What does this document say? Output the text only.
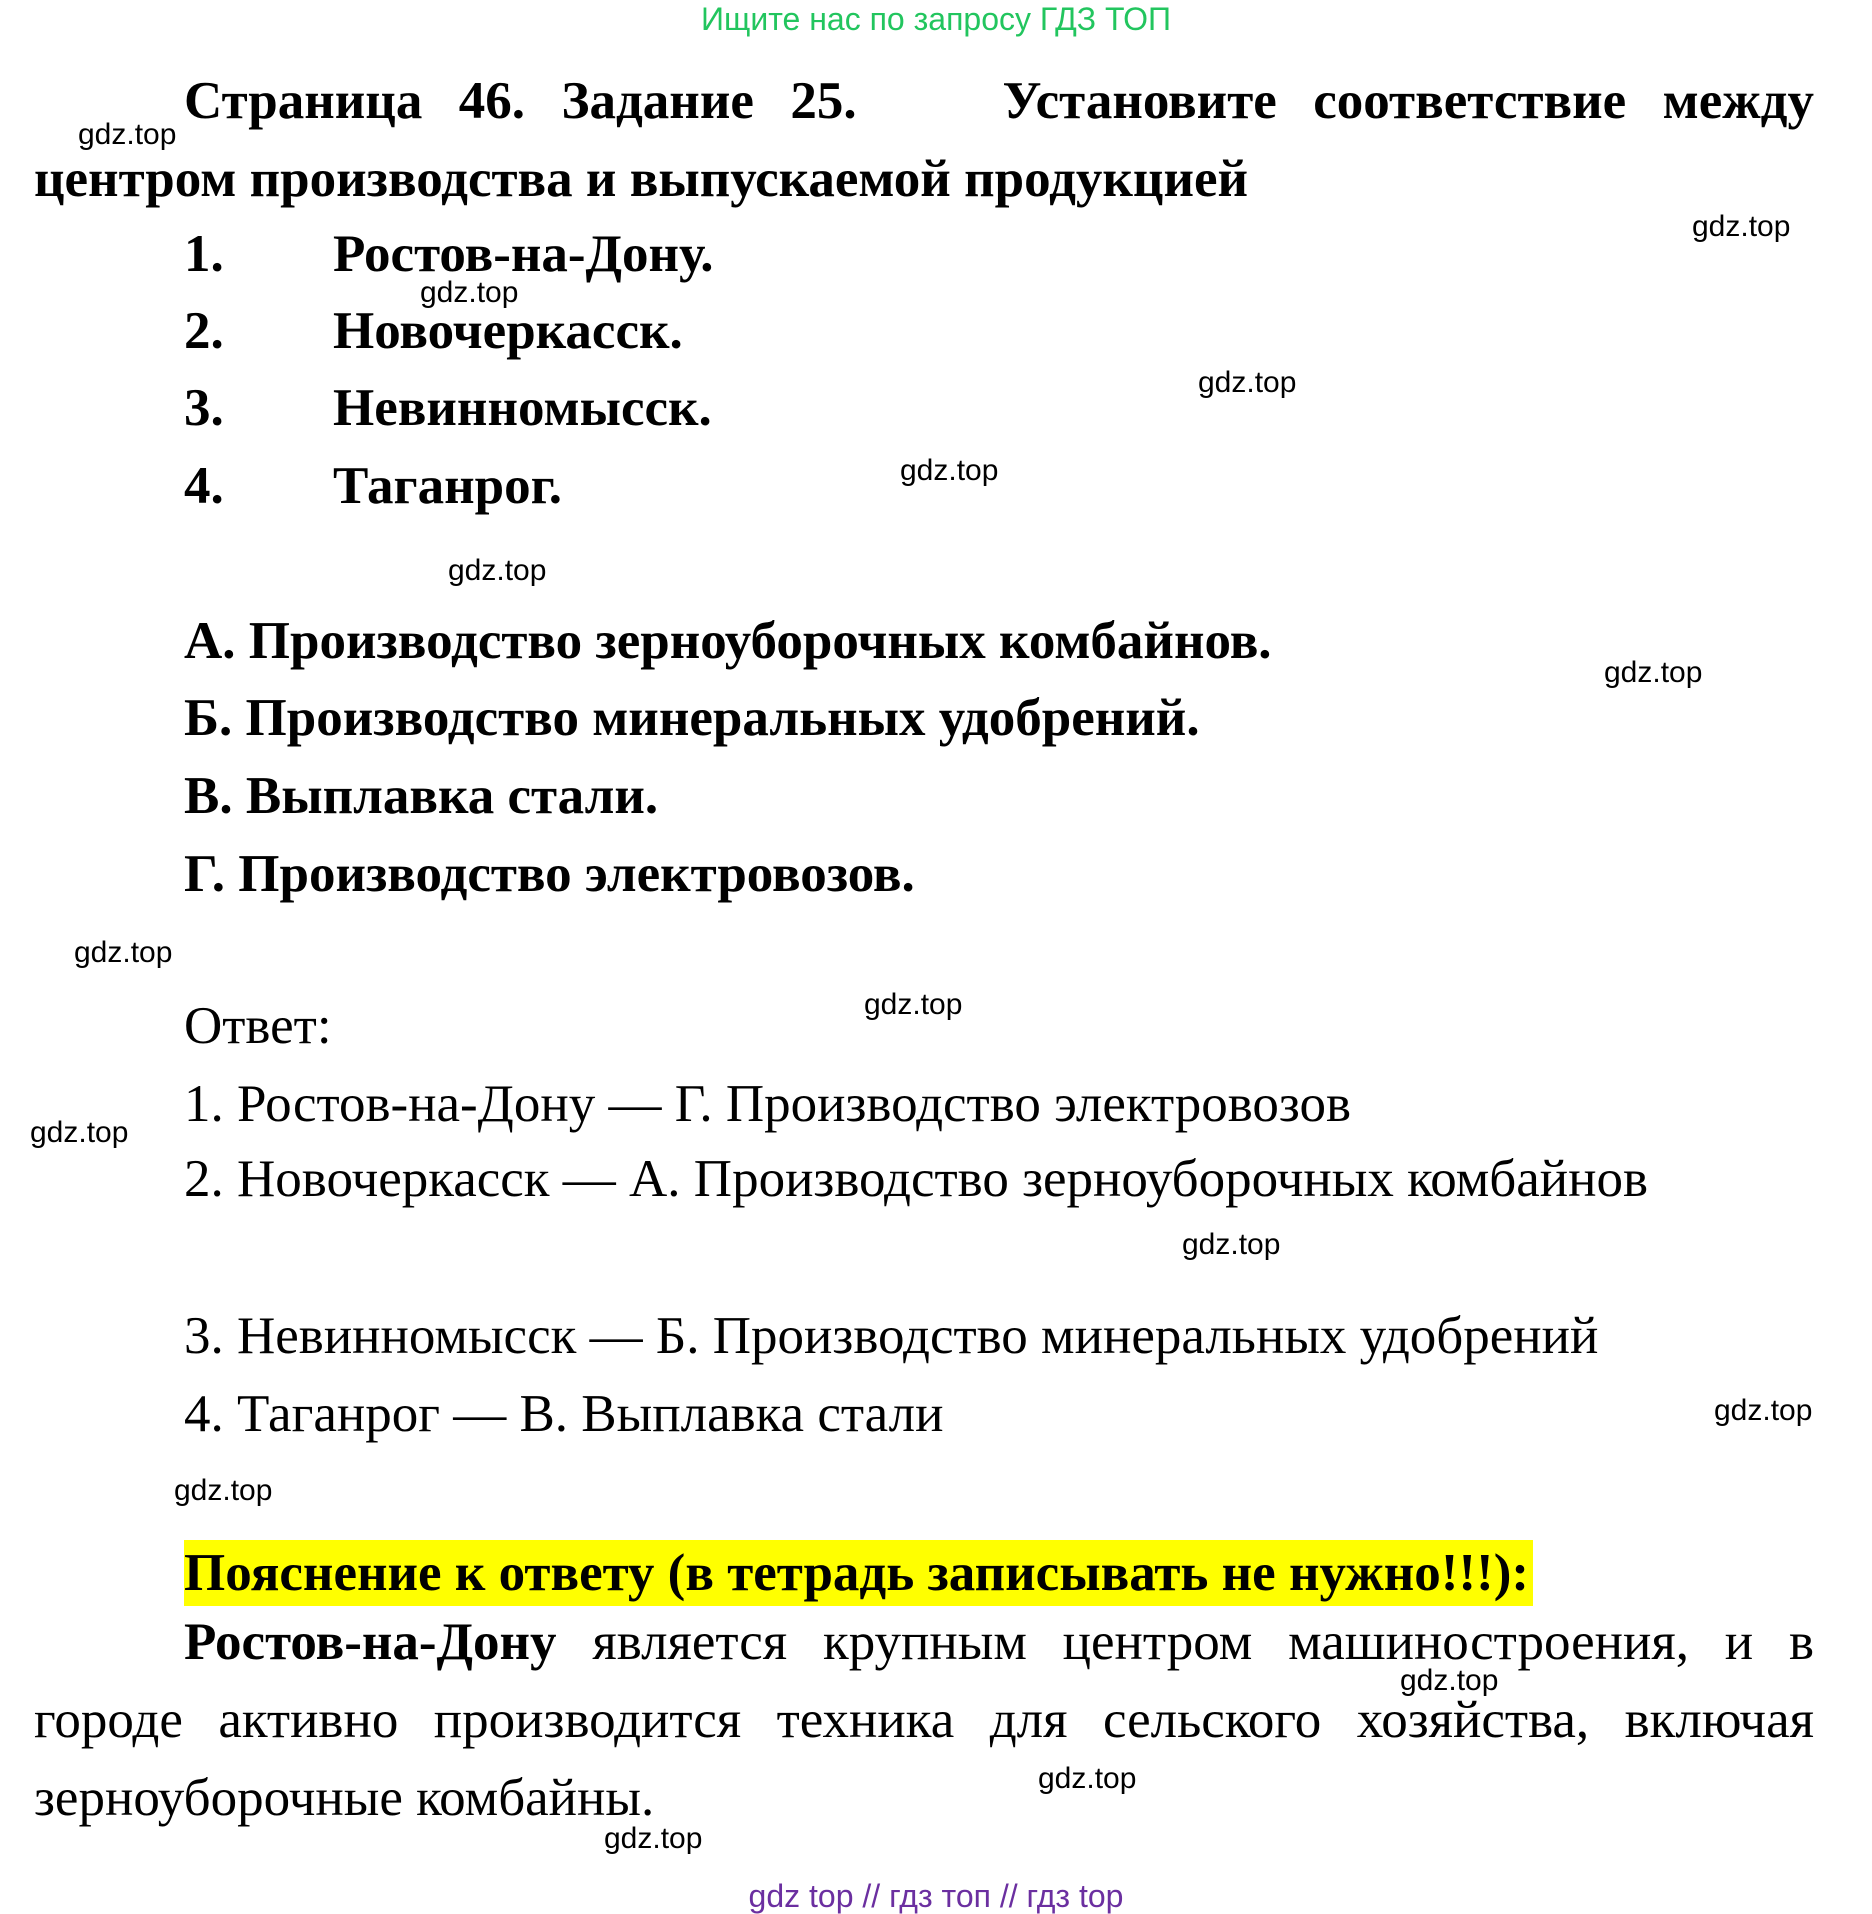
Ищите нас по запросу ГДЗ ТОП
Страница 46. Задание 25.	Установите соответствие между центром производства и выпускаемой продукцией
1. Ростов-на-Дону.
2. Новочеркасск.
3. Невинномысск.
4. Таганрог.
А. Производство зерноуборочных комбайнов.
Б. Производство минеральных удобрений.
В. Выплавка стали.
Г. Производство электровозов.
Ответ:
1. Ростов-на-Дону — Г. Производство электровозов
2. Новочеркасск — А. Производство зерноуборочных комбайнов
3. Невинномысск — Б. Производство минеральных удобрений
4. Таганрог — В. Выплавка стали
Пояснение к ответу (в тетрадь записывать не нужно!!!):
Ростов-на-Дону является крупным центром машиностроения, и в городе активно производится техника для сельского хозяйства, включая зерноуборочные комбайны.
gdz.top
gdz.top
gdz.top
gdz.top
gdz.top
gdz.top
gdz.top
gdz.top
gdz.top
gdz.top
gdz.top
gdz.top
gdz.top
gdz.top
gdz.top
gdz.top
gdz top // гдз топ // гдз top
